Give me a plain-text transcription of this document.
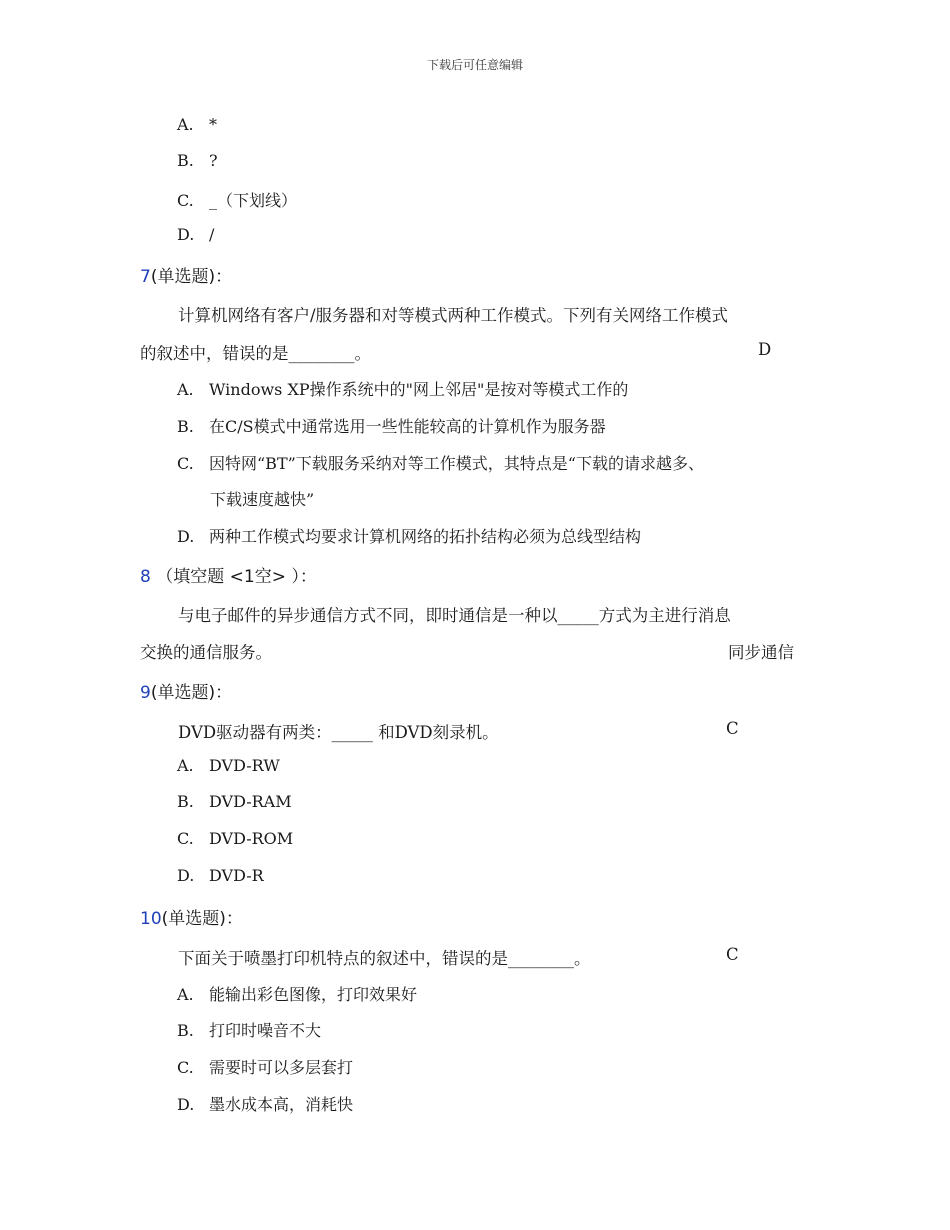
下载后可任意编辑
A. *
B. ?
C. _（下划线）
D. /
7(单选题)：
计算机网络有客户/服务器和对等模式两种工作模式。下列有关网络工作模式
的叙述中，错误的是________。	D
A. Windows XP操作系统中的"网上邻居"是按对等模式工作的
B. 在C/S模式中通常选用一些性能较高的计算机作为服务器
C. 因特网“BT”下载服务采纳对等工作模式，其特点是“下载的请求越多、
下载速度越快”
D. 两种工作模式均要求计算机网络的拓扑结构必须为总线型结构
8 （填空题 <1空> ）：
与电子邮件的异步通信方式不同，即时通信是一种以_____方式为主进行消息
交换的通信服务。	同步通信
9(单选题)：
DVD驱动器有两类：_____ 和DVD刻录机。	C
A. DVD-RW
B. DVD-RAM
C. DVD-ROM
D. DVD-R
10(单选题)：
下面关于喷墨打印机特点的叙述中，错误的是________。	C
A. 能输出彩色图像，打印效果好
B. 打印时噪音不大
C. 需要时可以多层套打
D. 墨水成本高，消耗快
